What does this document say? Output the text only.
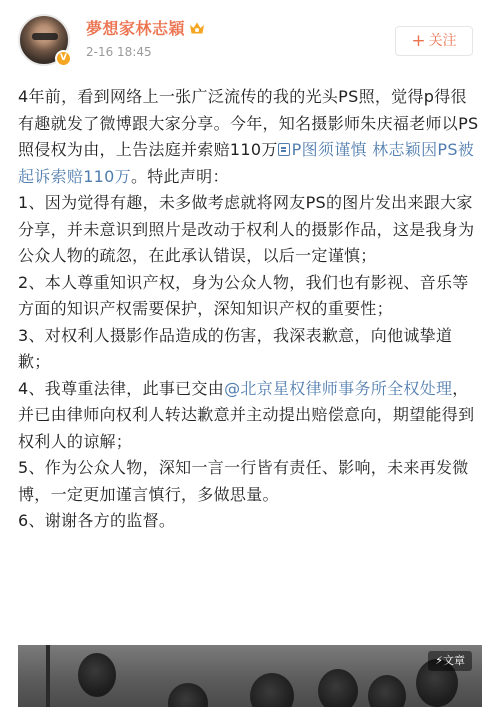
V
夢想家林志穎
2-16 18:45
+ 关注

4年前，看到网络上一张广泛流传的我的光头PS照，觉得p得很有趣就发了微博跟大家分享。今年，知名摄影师朱庆福老师以PS照侵权为由，上告法庭并索赔110万 P图须谨慎 林志颖因PS被起诉索赔110万。特此声明：

1、因为觉得有趣，未多做考虑就将网友PS的图片发出来跟大家分享，并未意识到照片是改动于权利人的摄影作品，这是我身为公众人物的疏忽，在此承认错误，以后一定谨慎；

2、本人尊重知识产权，身为公众人物，我们也有影视、音乐等方面的知识产权需要保护，深知知识产权的重要性；

3、对权利人摄影作品造成的伤害，我深表歉意，向他诚挚道歉；

4、我尊重法律，此事已交由@北京星权律师事务所全权处理，并已由律师向权利人转达歉意并主动提出赔偿意向，期望能得到权利人的谅解；

5、作为公众人物，深知一言一行皆有责任、影响，未来再发微博，一定更加谨言慎行，多做思量。

6、谢谢各方的监督。

⚡文章
